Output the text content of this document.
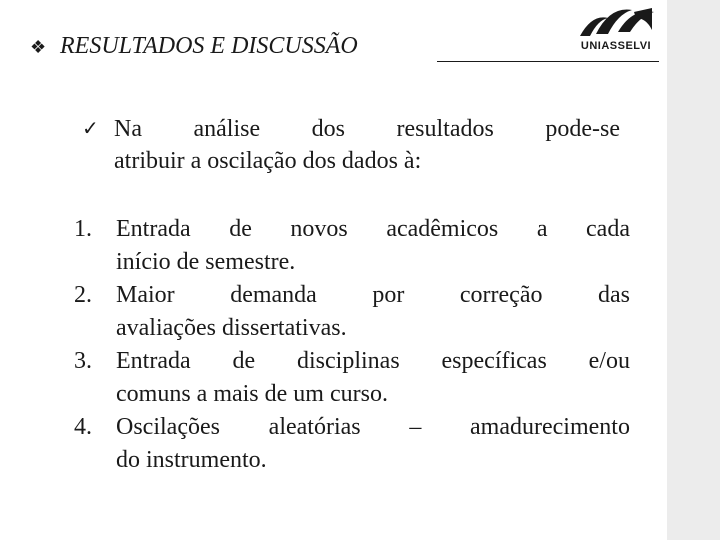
❖ RESULTADOS E DISCUSSÃO	UNIASSELVI
✓ Na análise dos resultados pode-se
atribuir a oscilação dos dados à:
1. Entrada de novos acadêmicos a cada
início de semestre.
2. Maior demanda por correção das
avaliações dissertativas.
3. Entrada de disciplinas específicas e/ou
comuns a mais de um curso.
4. Oscilações aleatórias – amadurecimento
do instrumento.
